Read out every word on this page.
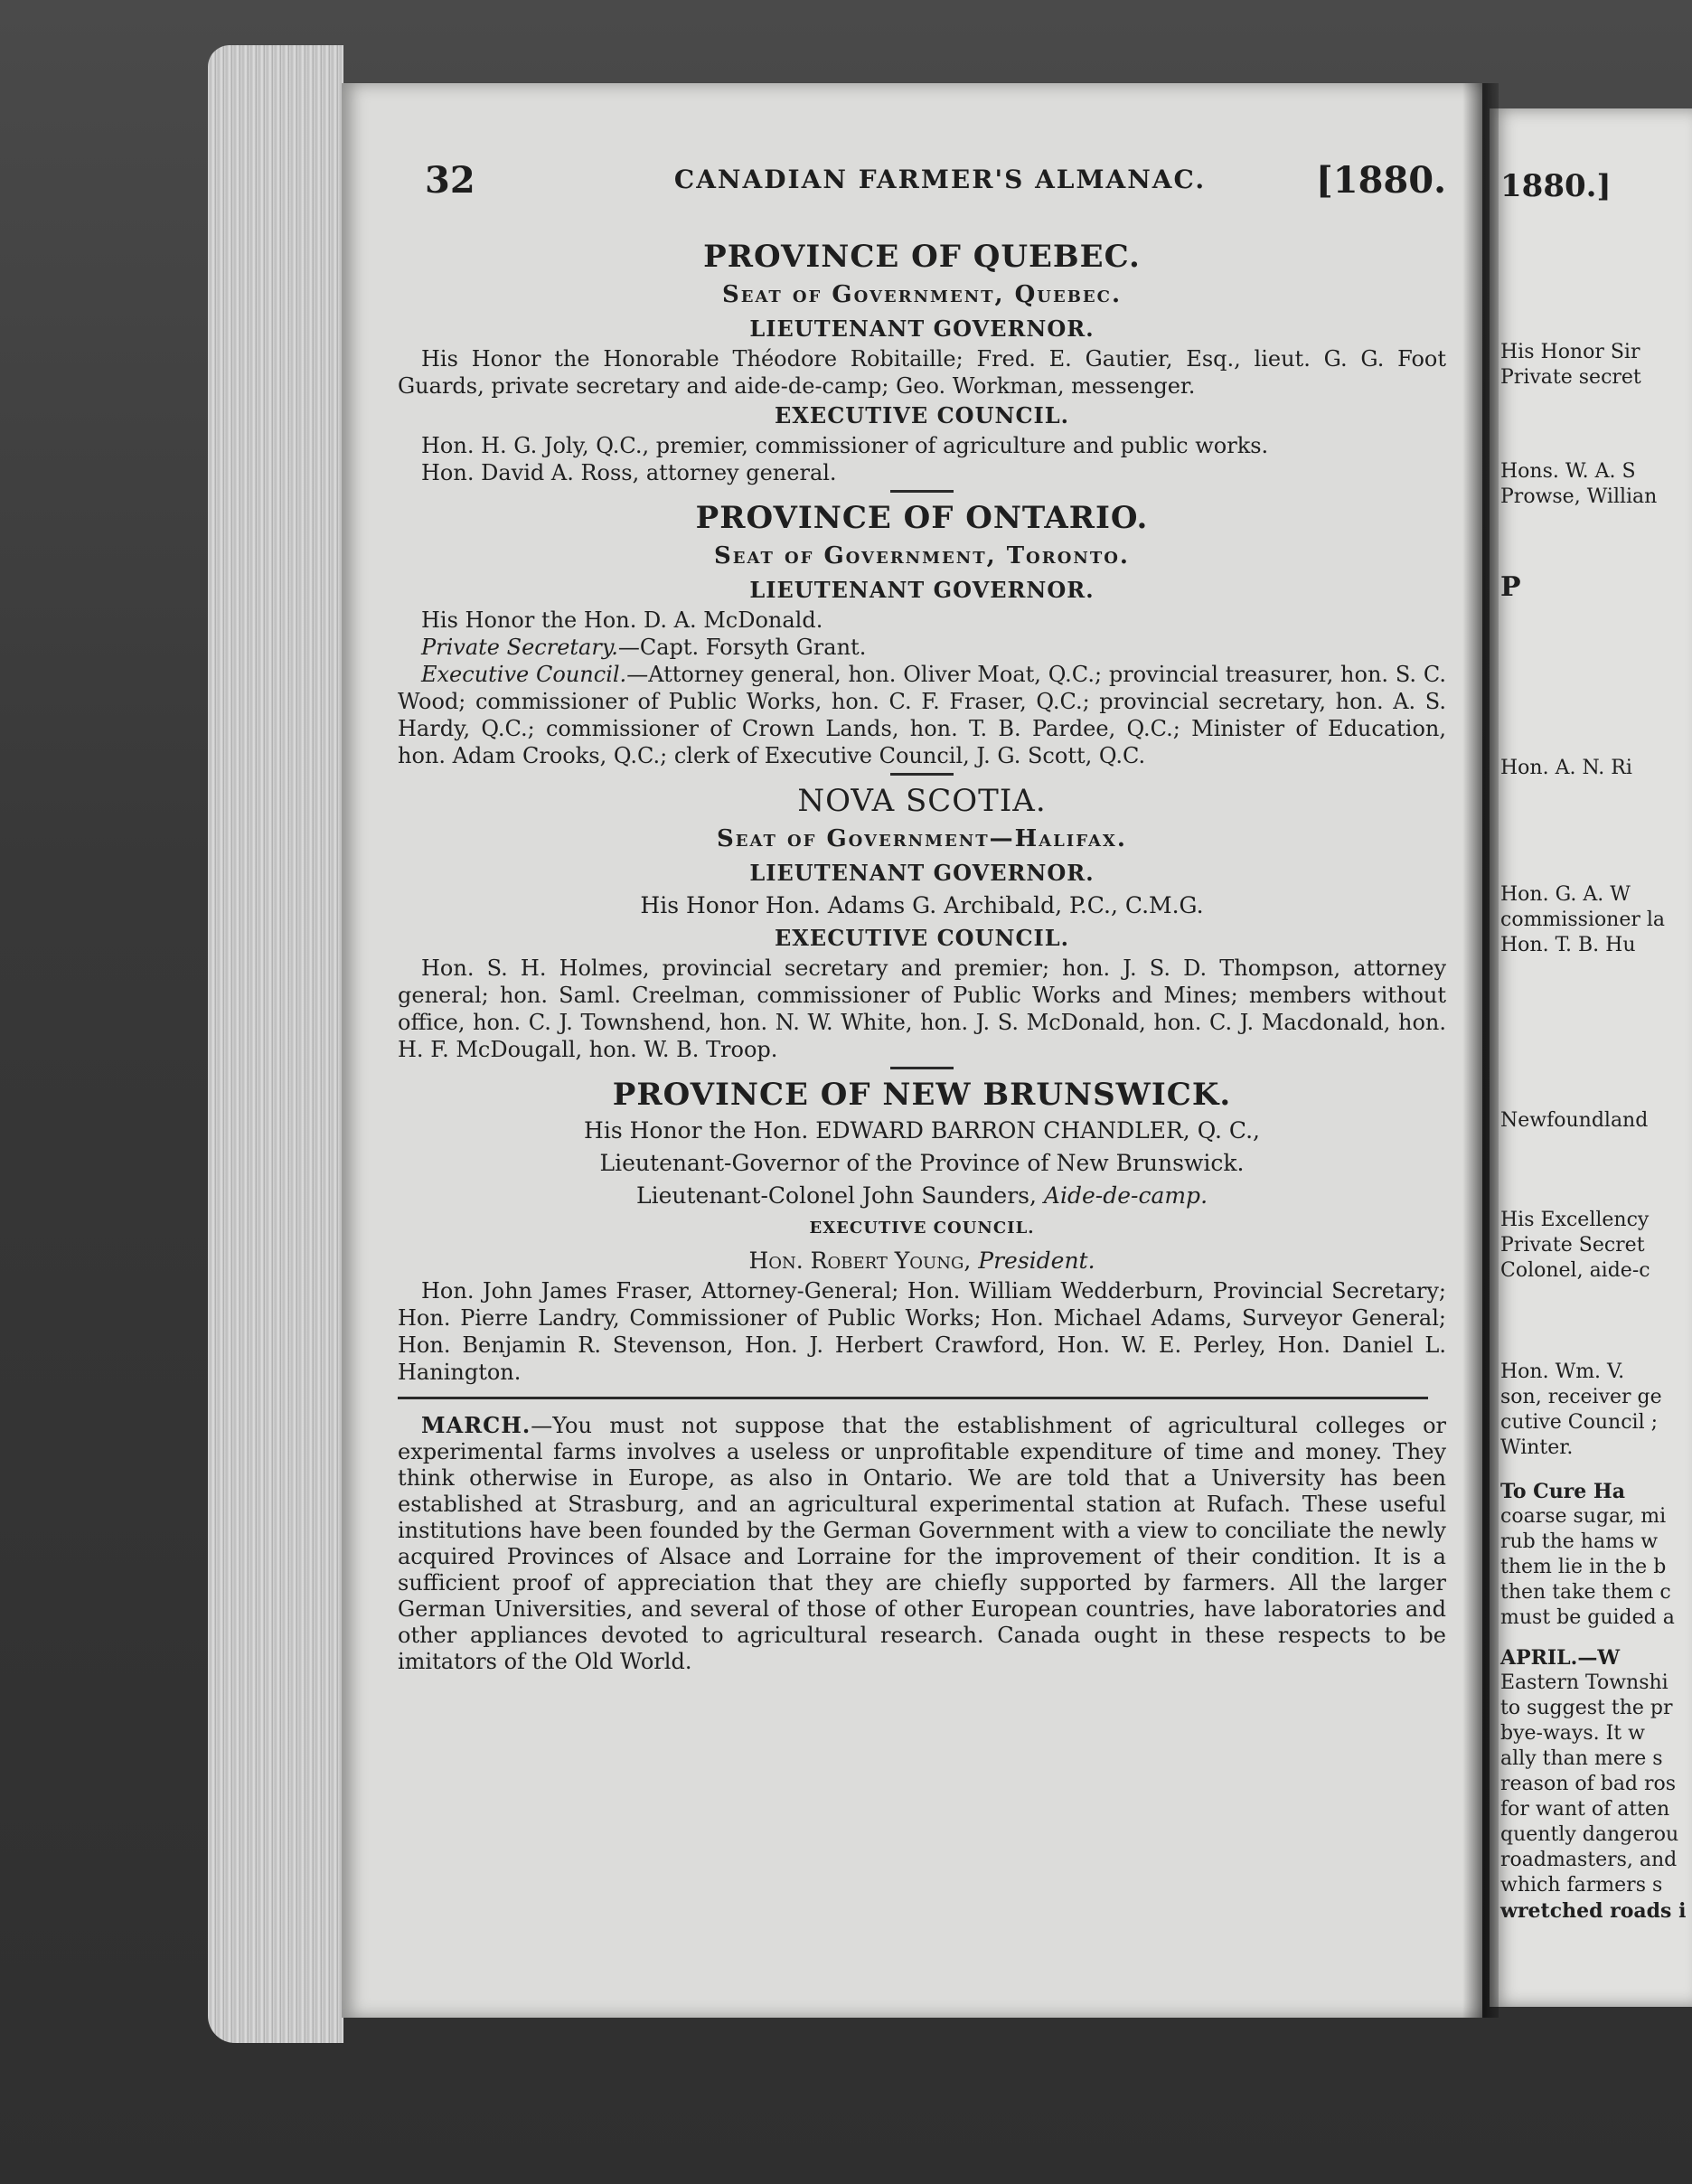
1880.]
His Honor Sir
Private secret
Hons. W. A. S
Prowse, Willian
P
Hon. A. N. Ri
Hon. G. A. W
commissioner la
Hon. T. B. Hu
Newfoundland
His Excellency
Private Secret
Colonel, aide-c
Hon. Wm. V.
son, receiver ge
cutive Council ;
Winter.
To Cure Ha
coarse sugar, mi
rub the hams w
them lie in the b
then take them c
must be guided a
APRIL.—W
Eastern Townshi
to suggest the pr
bye-ways. It w
ally than mere s
reason of bad ros
for want of atten
quently dangerou
roadmasters, and
which farmers s
wretched roads i
32	CANADIAN FARMER'S ALMANAC.	[1880.

PROVINCE OF QUEBEC.

Seat of Government, Quebec.

LIEUTENANT GOVERNOR.

His Honor the Honorable Théodore Robitaille; Fred. E. Gautier, Esq., lieut. G. G. Foot Guards, private secretary and aide-de-camp; Geo. Workman, messenger.

EXECUTIVE COUNCIL.

Hon. H. G. Joly, Q.C., premier, commissioner of agriculture and public works.

Hon. David A. Ross, attorney general.

PROVINCE OF ONTARIO.

Seat of Government, Toronto.

LIEUTENANT GOVERNOR.

His Honor the Hon. D. A. McDonald.

Private Secretary.—Capt. Forsyth Grant.

Executive Council.—Attorney general, hon. Oliver Moat, Q.C.; provincial treasurer, hon. S. C. Wood; commissioner of Public Works, hon. C. F. Fraser, Q.C.; provincial secretary, hon. A. S. Hardy, Q.C.; commissioner of Crown Lands, hon. T. B. Pardee, Q.C.; Minister of Education, hon. Adam Crooks, Q.C.; clerk of Executive Council, J. G. Scott, Q.C.

NOVA SCOTIA.

Seat of Government—Halifax.

LIEUTENANT GOVERNOR.

His Honor Hon. Adams G. Archibald, P.C., C.M.G.

EXECUTIVE COUNCIL.

Hon. S. H. Holmes, provincial secretary and premier; hon. J. S. D. Thompson, attorney general; hon. Saml. Creelman, commissioner of Public Works and Mines; members without office, hon. C. J. Townshend, hon. N. W. White, hon. J. S. McDonald, hon. C. J. Macdonald, hon. H. F. McDougall, hon. W. B. Troop.

PROVINCE OF NEW BRUNSWICK.

His Honor the Hon. EDWARD BARRON CHANDLER, Q. C.,

Lieutenant-Governor of the Province of New Brunswick.

Lieutenant-Colonel John Saunders, Aide-de-camp.

EXECUTIVE COUNCIL.

Hon. Robert Young, President.

Hon. John James Fraser, Attorney-General; Hon. William Wedderburn, Provincial Secretary; Hon. Pierre Landry, Commissioner of Public Works; Hon. Michael Adams, Surveyor General; Hon. Benjamin R. Stevenson, Hon. J. Herbert Crawford, Hon. W. E. Perley, Hon. Daniel L. Hanington.

MARCH.—You must not suppose that the establishment of agricultural colleges or experimental farms involves a useless or unprofitable expenditure of time and money. They think otherwise in Europe, as also in Ontario. We are told that a University has been established at Strasburg, and an agricultural experimental station at Rufach. These useful institutions have been founded by the German Government with a view to conciliate the newly acquired Provinces of Alsace and Lorraine for the improvement of their condition. It is a sufficient proof of appreciation that they are chiefly supported by farmers. All the larger German Universities, and several of those of other European countries, have laboratories and other appliances devoted to agricultural research. Canada ought in these respects to be imitators of the Old World.
